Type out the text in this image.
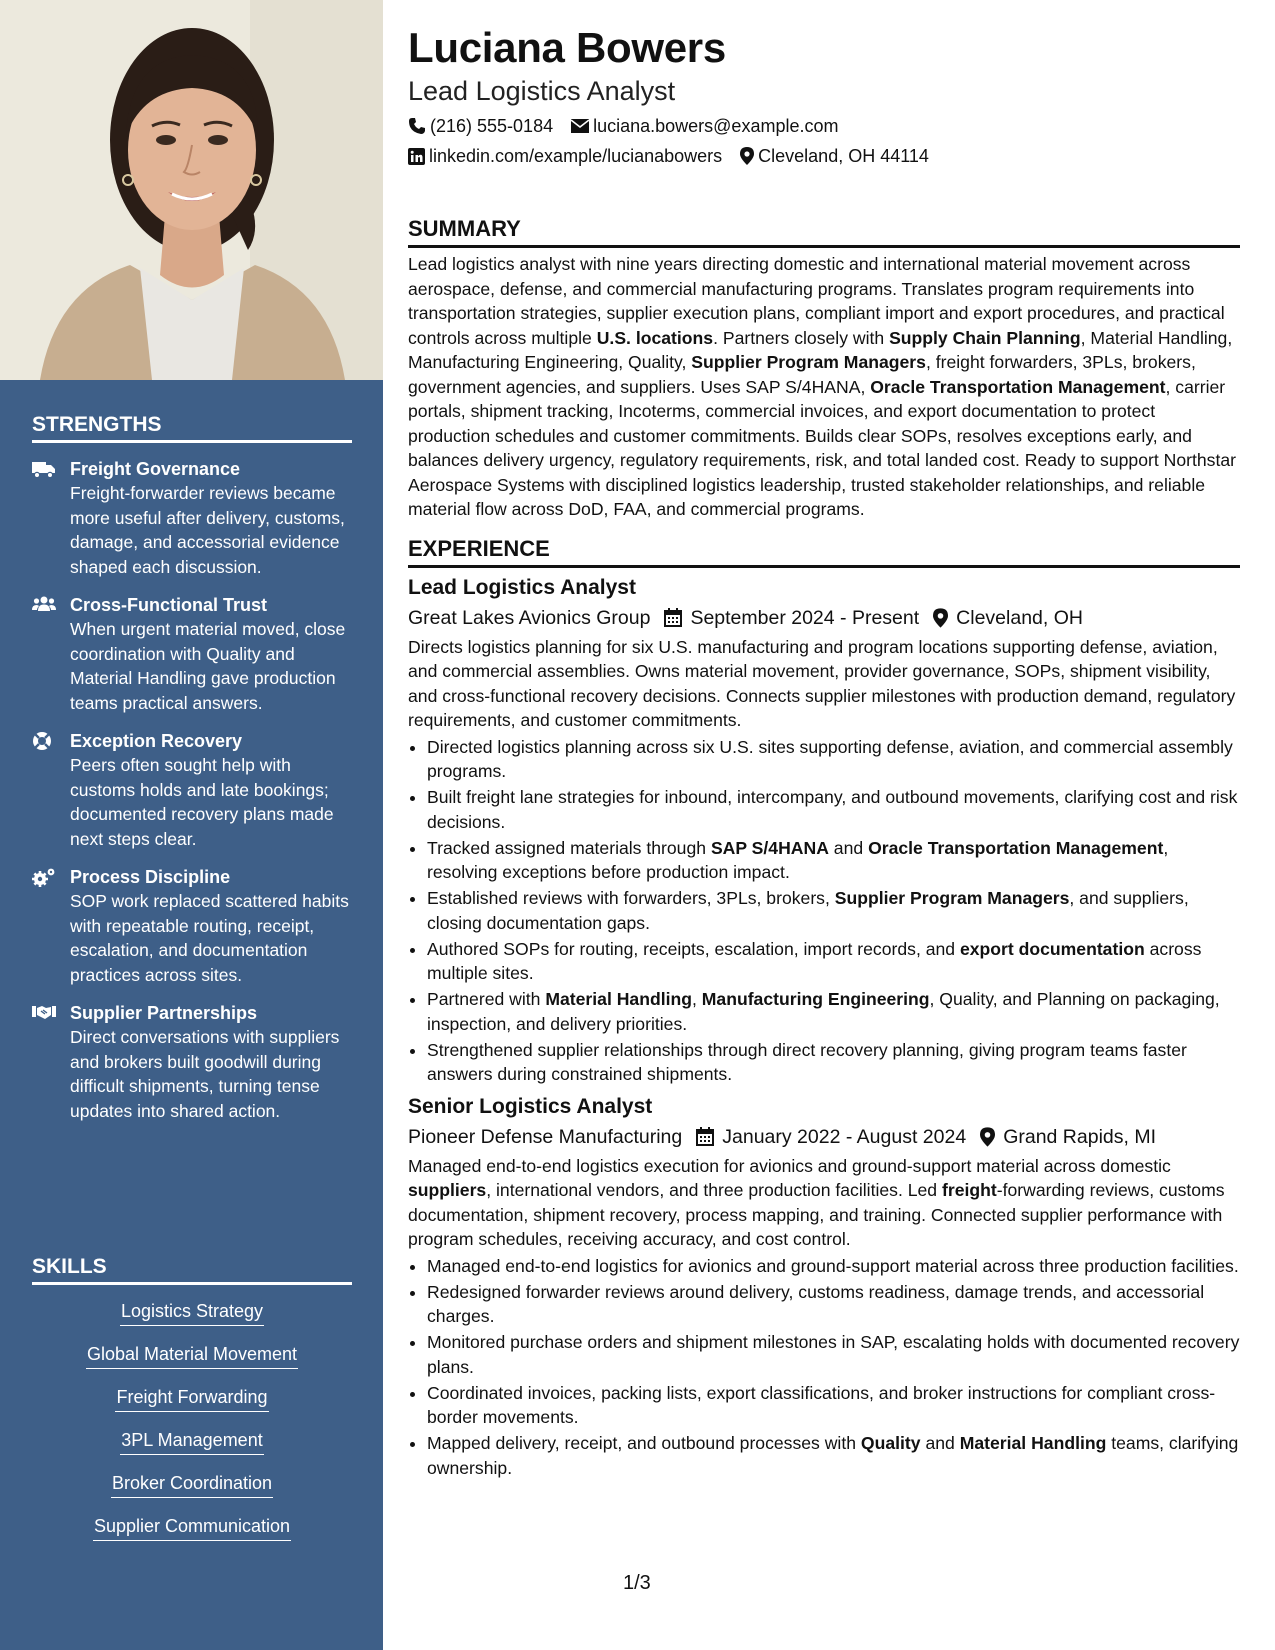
STRENGTHS
Freight Governance
Freight-forwarder reviews became more useful after delivery, customs, damage, and accessorial evidence shaped each discussion.
Cross-Functional Trust
When urgent material moved, close coordination with Quality and Material Handling gave production teams practical answers.
Exception Recovery
Peers often sought help with customs holds and late bookings; documented recovery plans made next steps clear.
Process Discipline
SOP work replaced scattered habits with repeatable routing, receipt, escalation, and documentation practices across sites.
Supplier Partnerships
Direct conversations with suppliers and brokers built goodwill during difficult shipments, turning tense updates into shared action.
SKILLS
Logistics Strategy
Global Material Movement
Freight Forwarding
3PL Management
Broker Coordination
Supplier Communication
Luciana Bowers
Lead Logistics Analyst
(216) 555-0184 luciana.bowers@example.com
linkedin.com/example/lucianabowers Cleveland, OH 44114
SUMMARY

Lead logistics analyst with nine years directing domestic and international material movement across aerospace, defense, and commercial manufacturing programs. Translates program requirements into transportation strategies, supplier execution plans, compliant import and export procedures, and practical controls across multiple U.S. locations. Partners closely with Supply Chain Planning, Material Handling, Manufacturing Engineering, Quality, Supplier Program Managers, freight forwarders, 3PLs, brokers, government agencies, and suppliers. Uses SAP S/4HANA, Oracle Transportation Management, carrier portals, shipment tracking, Incoterms, commercial invoices, and export documentation to protect production schedules and customer commitments. Builds clear SOPs, resolves exceptions early, and balances delivery urgency, regulatory requirements, risk, and total landed cost. Ready to support Northstar Aerospace Systems with disciplined logistics leadership, trusted stakeholder relationships, and reliable material flow across DoD, FAA, and commercial programs.

EXPERIENCE
Lead Logistics Analyst
Great Lakes Avionics Group September 2024 - Present Cleveland, OH

Directs logistics planning for six U.S. manufacturing and program locations supporting defense, aviation, and commercial assemblies. Owns material movement, provider governance, SOPs, shipment visibility, and cross-functional recovery decisions. Connects supplier milestones with production demand, regulatory requirements, and customer commitments.

• Directed logistics planning across six U.S. sites supporting defense, aviation, and commercial assembly programs.
• Built freight lane strategies for inbound, intercompany, and outbound movements, clarifying cost and risk decisions.
• Tracked assigned materials through SAP S/4HANA and Oracle Transportation Management, resolving exceptions before production impact.
• Established reviews with forwarders, 3PLs, brokers, Supplier Program Managers, and suppliers, closing documentation gaps.
• Authored SOPs for routing, receipts, escalation, import records, and export documentation across multiple sites.
• Partnered with Material Handling, Manufacturing Engineering, Quality, and Planning on packaging, inspection, and delivery priorities.
• Strengthened supplier relationships through direct recovery planning, giving program teams faster answers during constrained shipments.
Senior Logistics Analyst
Pioneer Defense Manufacturing January 2022 - August 2024 Grand Rapids, MI

Managed end-to-end logistics execution for avionics and ground-support material across domestic suppliers, international vendors, and three production facilities. Led freight-forwarding reviews, customs documentation, shipment recovery, process mapping, and training. Connected supplier performance with program schedules, receiving accuracy, and cost control.

• Managed end-to-end logistics for avionics and ground-support material across three production facilities.
• Redesigned forwarder reviews around delivery, customs readiness, damage trends, and accessorial charges.
• Monitored purchase orders and shipment milestones in SAP, escalating holds with documented recovery plans.
• Coordinated invoices, packing lists, export classifications, and broker instructions for compliant cross-border movements.
• Mapped delivery, receipt, and outbound processes with Quality and Material Handling teams, clarifying ownership.
1/3
